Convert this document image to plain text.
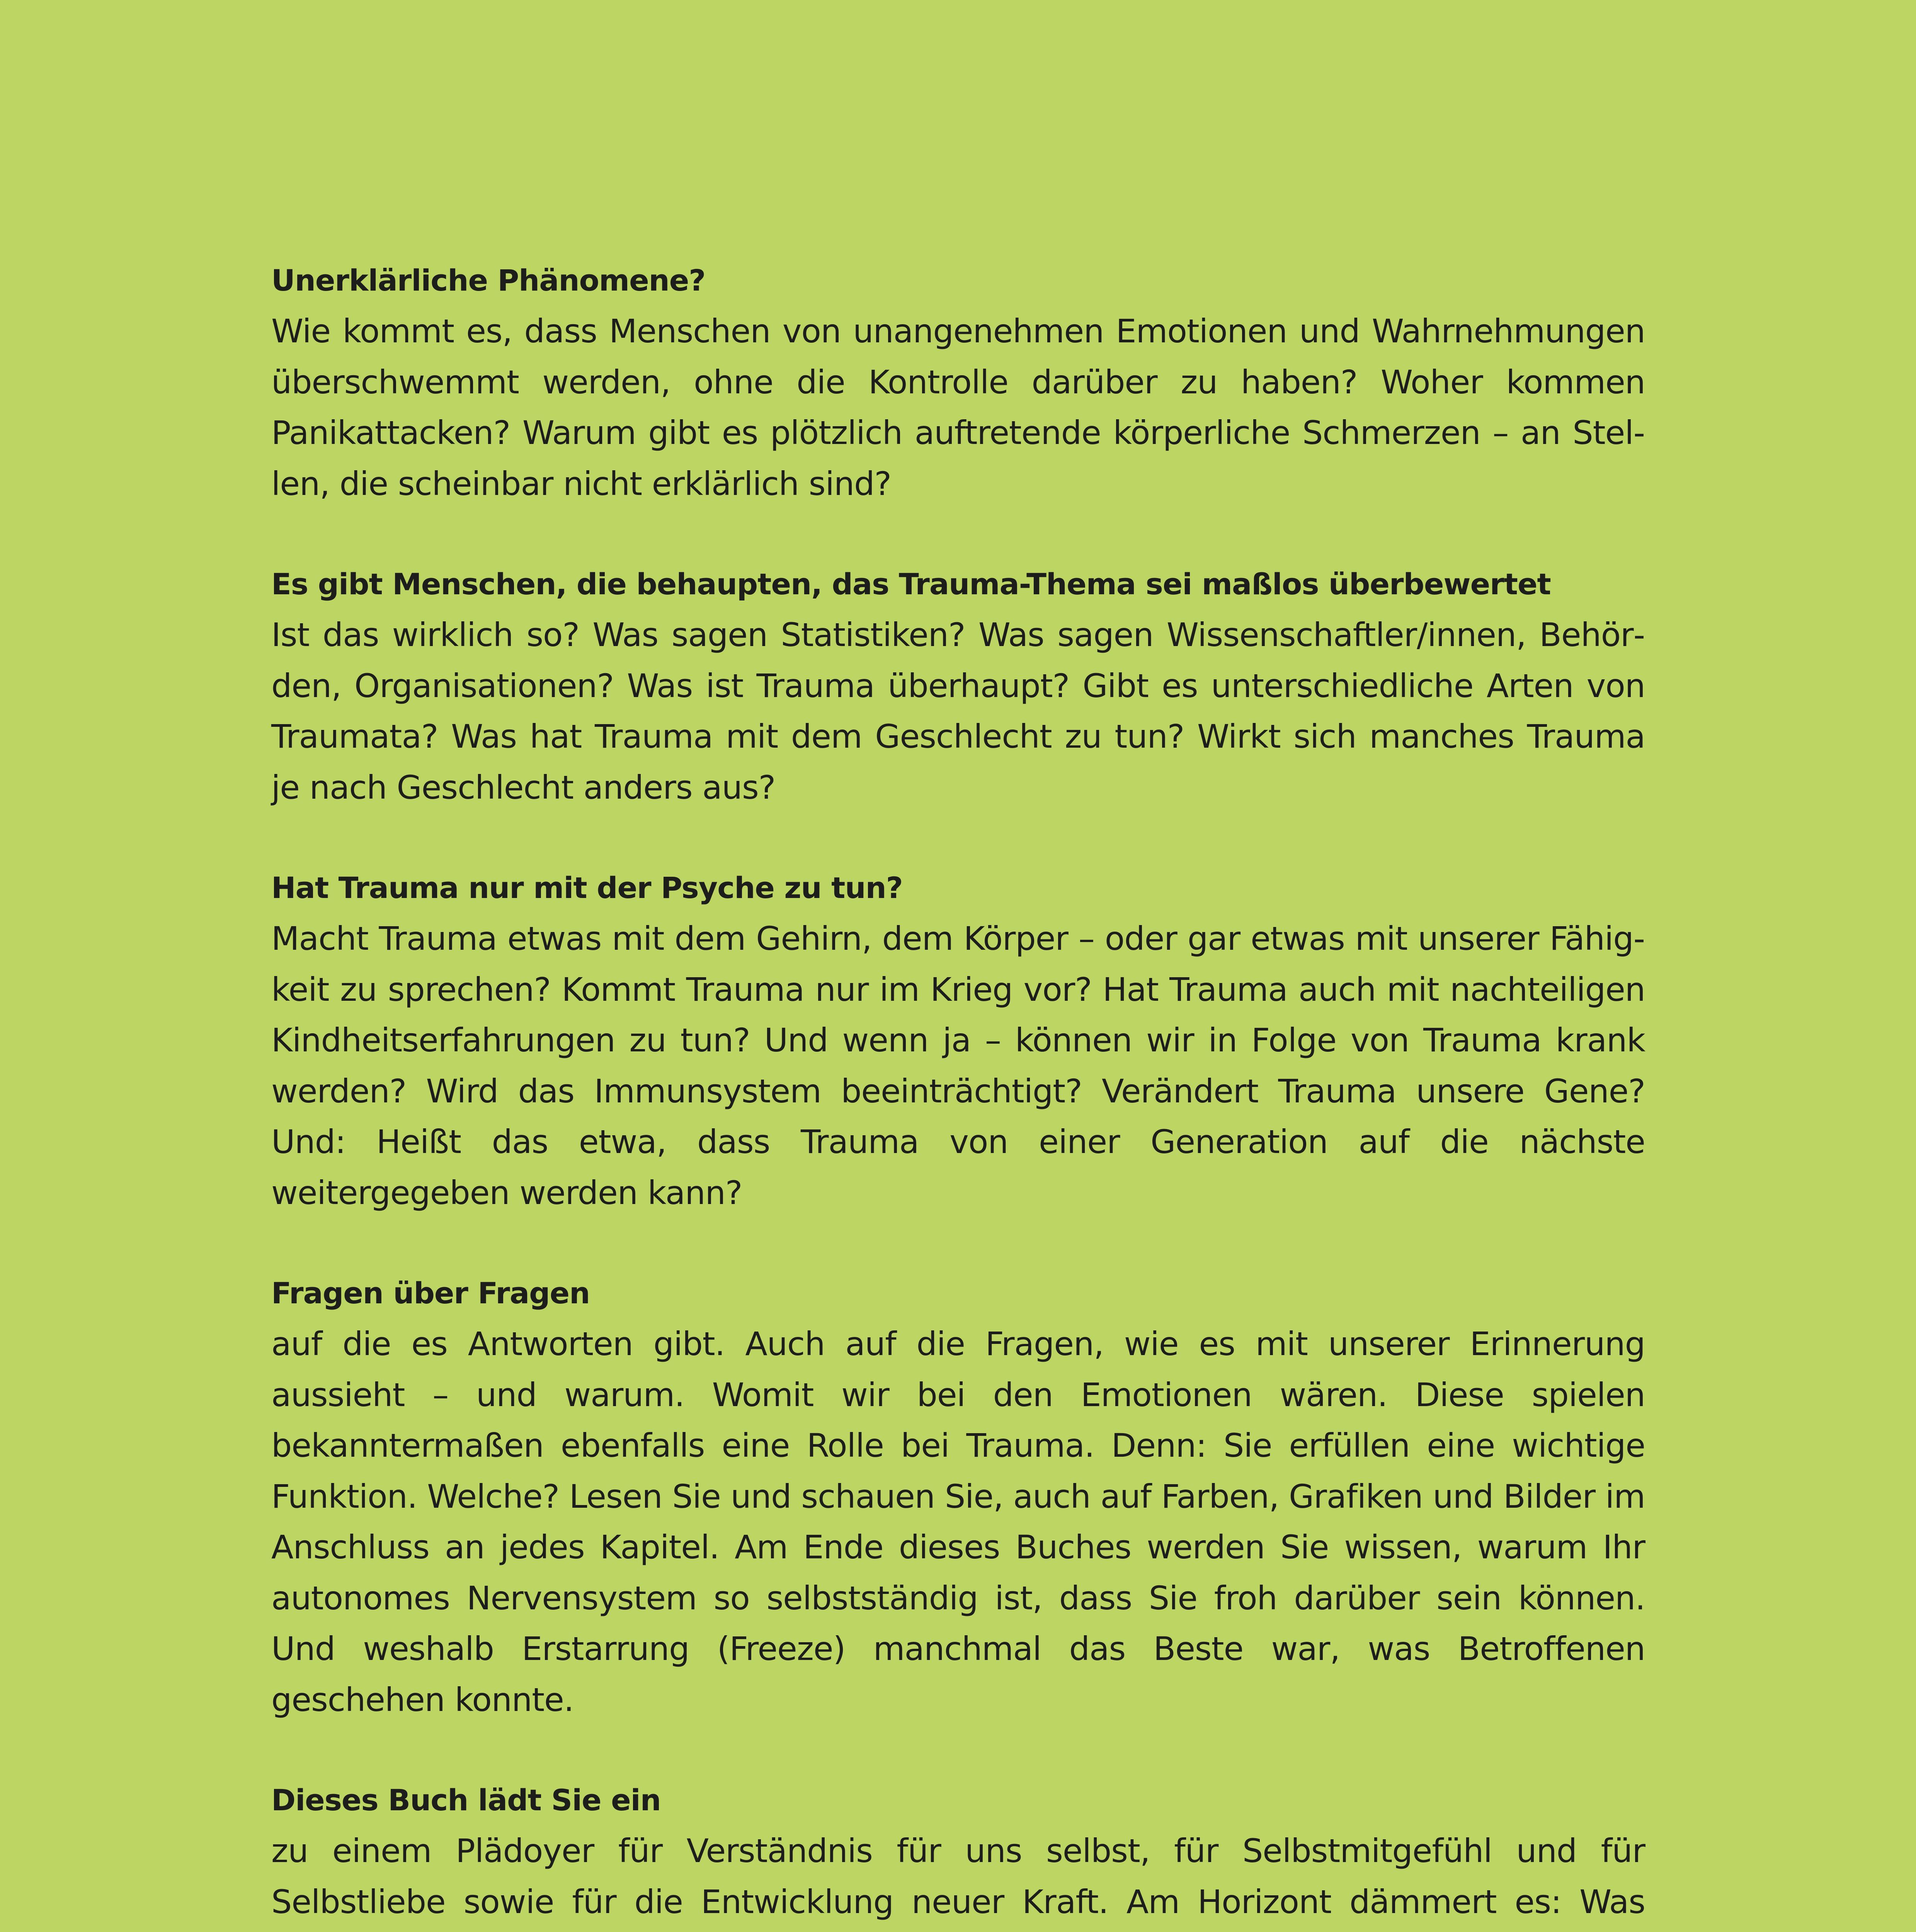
Unerklärliche Phänomene?

Wie kommt es, dass Menschen von unangenehmen Emotionen und Wahrnehmungen überschwemmt werden, ohne die Kontrolle darüber zu haben? Woher kommen Panikattacken? Warum gibt es plötzlich auftretende körperliche Schmerzen – an Stellen, die scheinbar nicht erklärlich sind?

Es gibt Menschen, die behaupten, das Trauma-Thema sei maßlos überbewertet

Ist das wirklich so? Was sagen Statistiken? Was sagen Wissenschaftler/innen, Behörden, Organisationen? Was ist Trauma überhaupt? Gibt es unterschiedliche Arten von Traumata? Was hat Trauma mit dem Geschlecht zu tun? Wirkt sich manches Trauma je nach Geschlecht anders aus?

Hat Trauma nur mit der Psyche zu tun?

Macht Trauma etwas mit dem Gehirn, dem Körper – oder gar etwas mit unserer Fähigkeit zu sprechen? Kommt Trauma nur im Krieg vor? Hat Trauma auch mit nachteiligen Kindheitserfahrungen zu tun? Und wenn ja – können wir in Folge von Trauma krank werden? Wird das Immunsystem beeinträchtigt? Verändert Trauma unsere Gene? Und: Heißt das etwa, dass Trauma von einer Generation auf die nächste weitergegeben werden kann?

Fragen über Fragen

auf die es Antworten gibt. Auch auf die Fragen, wie es mit unserer Erinnerung aussieht – und warum. Womit wir bei den Emotionen wären. Diese spielen bekanntermaßen ebenfalls eine Rolle bei Trauma. Denn: Sie erfüllen eine wichtige Funktion. Welche? Lesen Sie und schauen Sie, auch auf Farben, Grafiken und Bilder im Anschluss an jedes Kapitel. Am Ende dieses Buches werden Sie wissen, warum Ihr autonomes Nervensystem so selbstständig ist, dass Sie froh darüber sein können. Und weshalb Erstarrung (Freeze) manchmal das Beste war, was Betroffenen geschehen konnte.

Dieses Buch lädt Sie ein

zu einem Plädoyer für Verständnis für uns selbst, für Selbstmitgefühl und für Selbstliebe sowie für die Entwicklung neuer Kraft. Am Horizont dämmert es: Was
